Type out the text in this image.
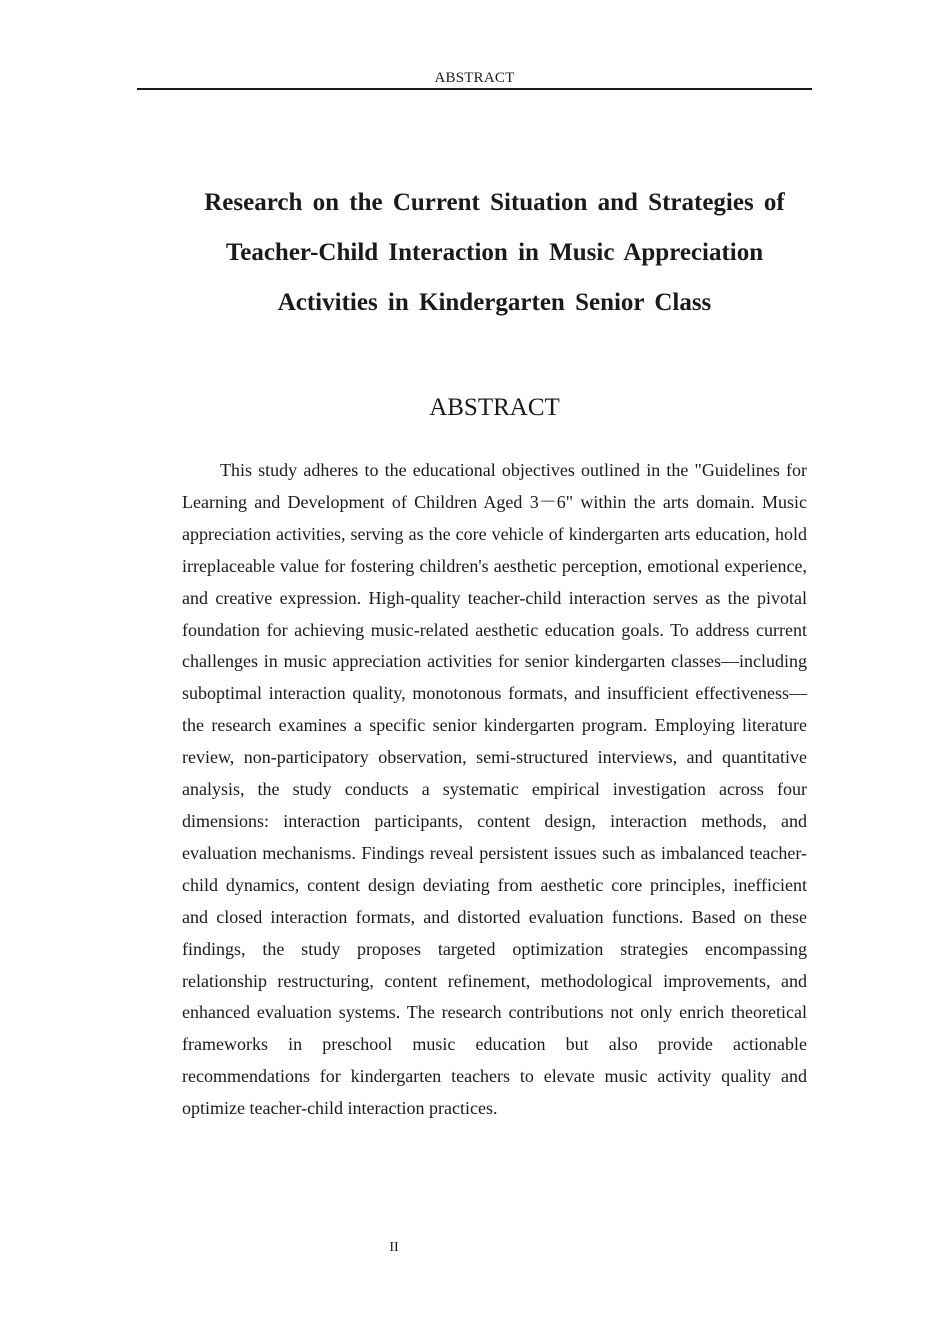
ABSTRACT
Research on the Current Situation and Strategies of Teacher-Child Interaction in Music Appreciation Activities in Kindergarten Senior Class
ABSTRACT

This study adheres to the educational objectives outlined in the "Guidelines for Learning and Development of Children Aged 3－6" within the arts domain. Music appreciation activities, serving as the core vehicle of kindergarten arts education, hold irreplaceable value for fostering children's aesthetic perception, emotional experience, and creative expression. High-quality teacher-child interaction serves as the pivotal foundation for achieving music-related aesthetic education goals. To address current challenges in music appreciation activities for senior kindergarten classes—including suboptimal interaction quality, monotonous formats, and insufficient effectiveness— the research examines a specific senior kindergarten program. Employing literature review, non-participatory observation, semi-structured interviews, and quantitative analysis, the study conducts a systematic empirical investigation across four dimensions: interaction participants, content design, interaction methods, and evaluation mechanisms. Findings reveal persistent issues such as imbalanced teacher-child dynamics, content design deviating from aesthetic core principles, inefficient and closed interaction formats, and distorted evaluation functions. Based on these findings, the study proposes targeted optimization strategies encompassing relationship restructuring, content refinement, methodological improvements, and enhanced evaluation systems. The research contributions not only enrich theoretical frameworks in preschool music education but also provide actionable recommendations for kindergarten teachers to elevate music activity quality and optimize teacher-child interaction practices.

II
